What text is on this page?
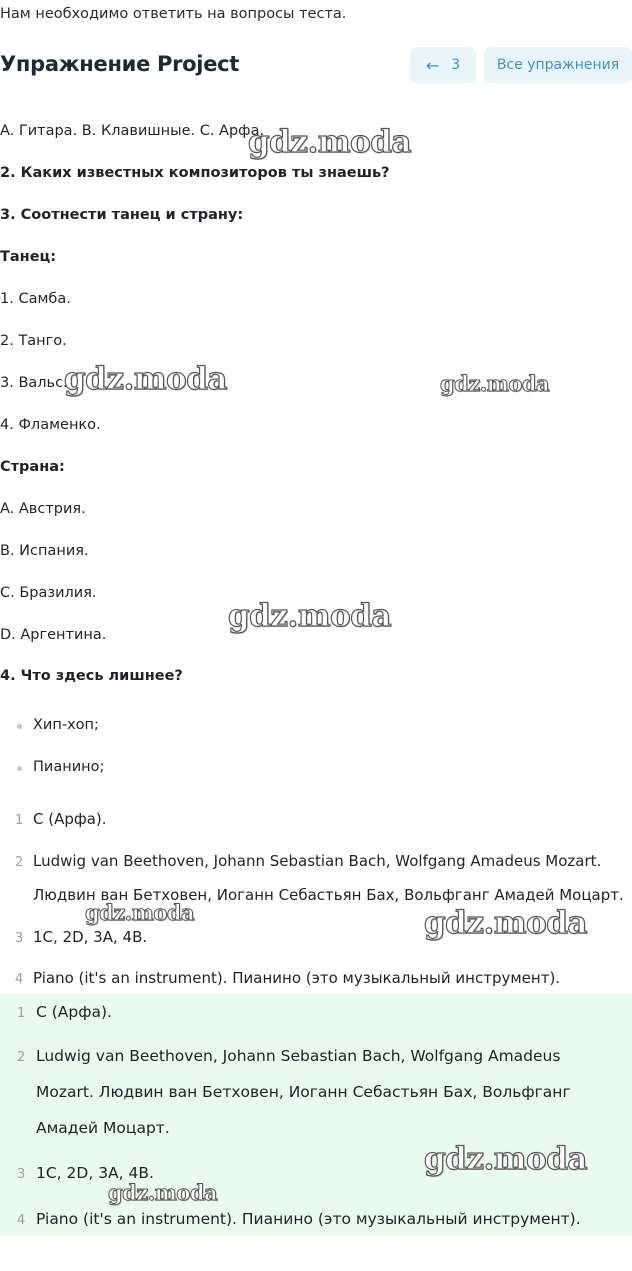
Нам необходимо ответить на вопросы теста.
Упражнение Project	← 3	Все упражнения
A. Гитара. B. Клавишные. C. Арфа.
2. Каких известных композиторов ты знаешь?
3. Соотнести танец и страну:
Танец:
1. Самба.
2. Танго.
3. Вальс.
4. Фламенко.
Страна:
A. Австрия.
B. Испания.
C. Бразилия.
D. Аргентина.
4. Что здесь лишнее?
Хип-хоп;
Пианино;
1 C (Арфа).
2 Ludwig van Beethoven, Johann Sebastian Bach, Wolfgang Amadeus Mozart.
Людвин ван Бетховен, Иоганн Себастьян Бах, Вольфганг Амадей Моцарт.
3 1C, 2D, 3A, 4B.
4 Piano (it's an instrument). Пианино (это музыкальный инструмент).
1 C (Арфа).
2 Ludwig van Beethoven, Johann Sebastian Bach, Wolfgang Amadeus
Mozart. Людвин ван Бетховен, Иоганн Себастьян Бах, Вольфганг
Амадей Моцарт.
3 1C, 2D, 3A, 4B.
4 Piano (it's an instrument). Пианино (это музыкальный инструмент).
gdz.moda
gdz.moda	gdz.moda
gdz.moda
gdz.moda	gdz.moda
gdz.moda
gdz.moda
